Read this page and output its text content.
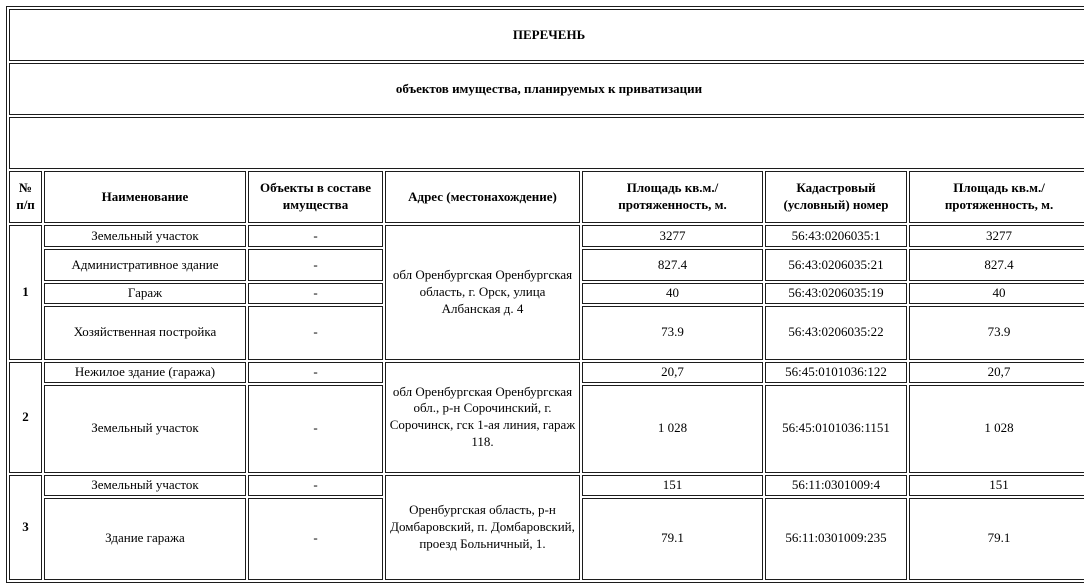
ПЕРЕЧЕНЬ						
объектов имущества, планируемых к приватизации						

№ п/п	Наименование	Объекты в составе имущества	Адрес (местонахождение)	Площадь кв.м./ протяженность, м.	Кадастровый (условный) номер	Площадь кв.м./ протяженность, м.
1	Земельный участок	-	обл Оренбургская Оренбургская область, г. Орск, улица Албанская д. 4	3277	56:43:0206035:1	3277
	Административное здание	-		827.4	56:43:0206035:21	827.4
	Гараж	-		40	56:43:0206035:19	40
	Хозяйственная постройка	-		73.9	56:43:0206035:22	73.9
2	Нежилое здание (гаража)	-	обл Оренбургская Оренбургская обл., р-н Сорочинский, г. Сорочинск, гск 1-ая линия, гараж 118.	20,7	56:45:0101036:122	20,7
	Земельный участок	-		1 028	56:45:0101036:1151	1 028
3	Земельный участок	-	Оренбургская область, р-н Домбаровский, п. Домбаровский, проезд Больничный, 1.	151	56:11:0301009:4	151
	Здание гаража	-		79.1	56:11:0301009:235	79.1
